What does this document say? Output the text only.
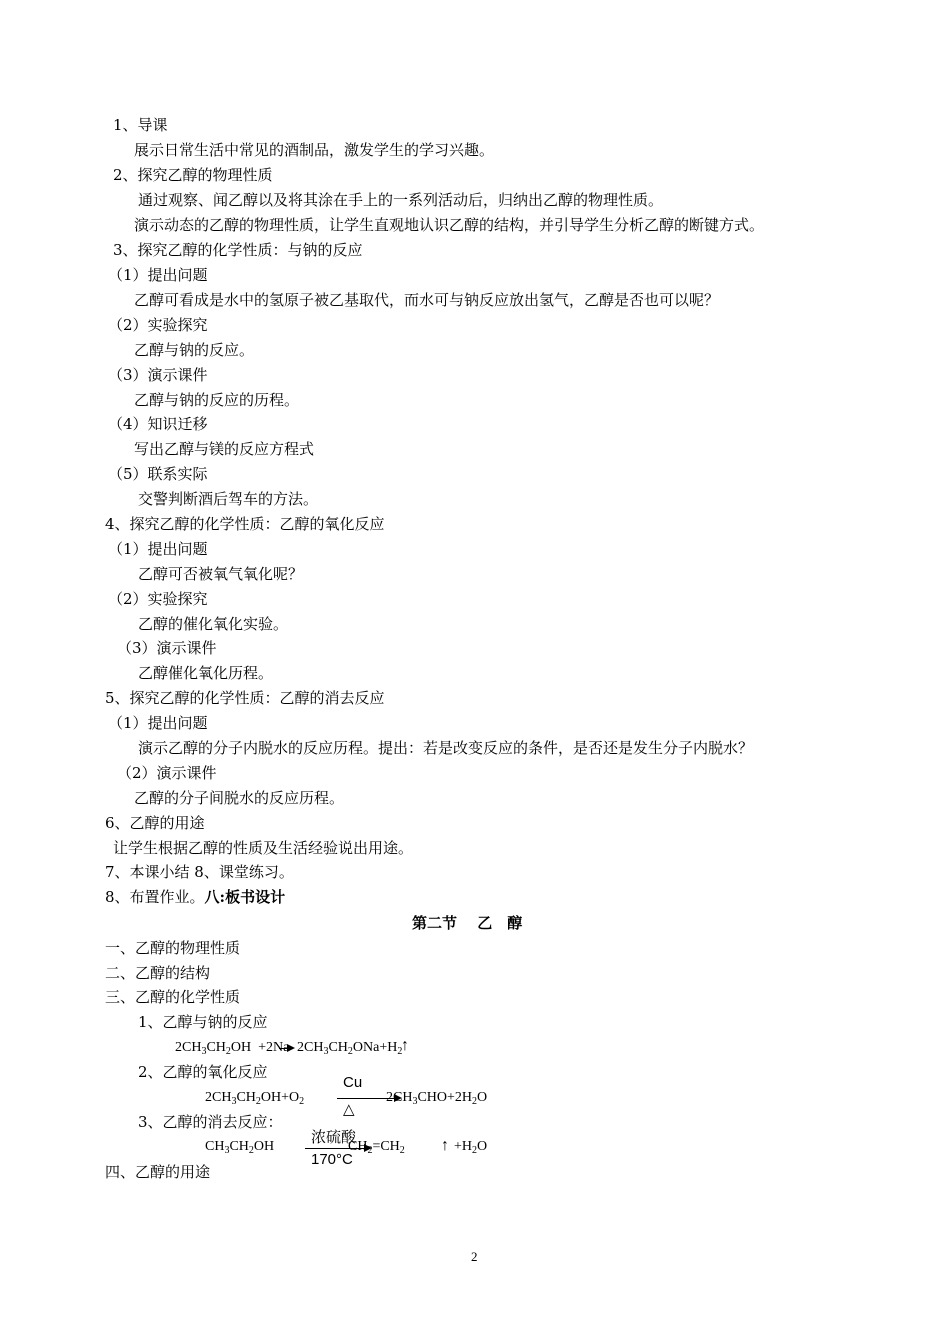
1、导课
展示日常生活中常见的酒制品，激发学生的学习兴趣。
2、探究乙醇的物理性质
通过观察、闻乙醇以及将其涂在手上的一系列活动后，归纳出乙醇的物理性质。
演示动态的乙醇的物理性质，让学生直观地认识乙醇的结构，并引导学生分析乙醇的断键方式。
3、探究乙醇的化学性质：与钠的反应
（1）提出问题
乙醇可看成是水中的氢原子被乙基取代，而水可与钠反应放出氢气，乙醇是否也可以呢？
（2）实验探究
乙醇与钠的反应。
（3）演示课件
乙醇与钠的反应的历程。
（4）知识迁移
写出乙醇与镁的反应方程式
（5）联系实际
交警判断酒后驾车的方法。
4、探究乙醇的化学性质：乙醇的氧化反应
（1）提出问题
乙醇可否被氧气氧化呢？
（2）实验探究
乙醇的催化氧化实验。
（3）演示课件
乙醇催化氧化历程。
5、探究乙醇的化学性质：乙醇的消去反应
（1）提出问题
演示乙醇的分子内脱水的反应历程。提出：若是改变反应的条件，是否还是发生分子内脱水？
（2）演示课件
乙醇的分子间脱水的反应历程。
6、乙醇的用途
让学生根据乙醇的性质及生活经验说出用途。
7、本课小结 8、课堂练习。
8、布置作业。八:板书设计
第二节　 乙　醇
一、乙醇的物理性质
二、乙醇的结构
三、乙醇的化学性质
1、乙醇与钠的反应
$2CH_3CH_2OH +2Na$ $2CH_3CH_2ONa+H_2$
↑
2、乙醇的氧化反应
Cu
$2CH_3CH_2OH+O_2$	$2CH_3CHO+2H_2O$
△
3、乙醇的消去反应：
浓硫酸
$CH_3CH_2OH$	$CH_2=CH_2$ ↑ $+H_2O$
170°C
四、乙醇的用途
2
